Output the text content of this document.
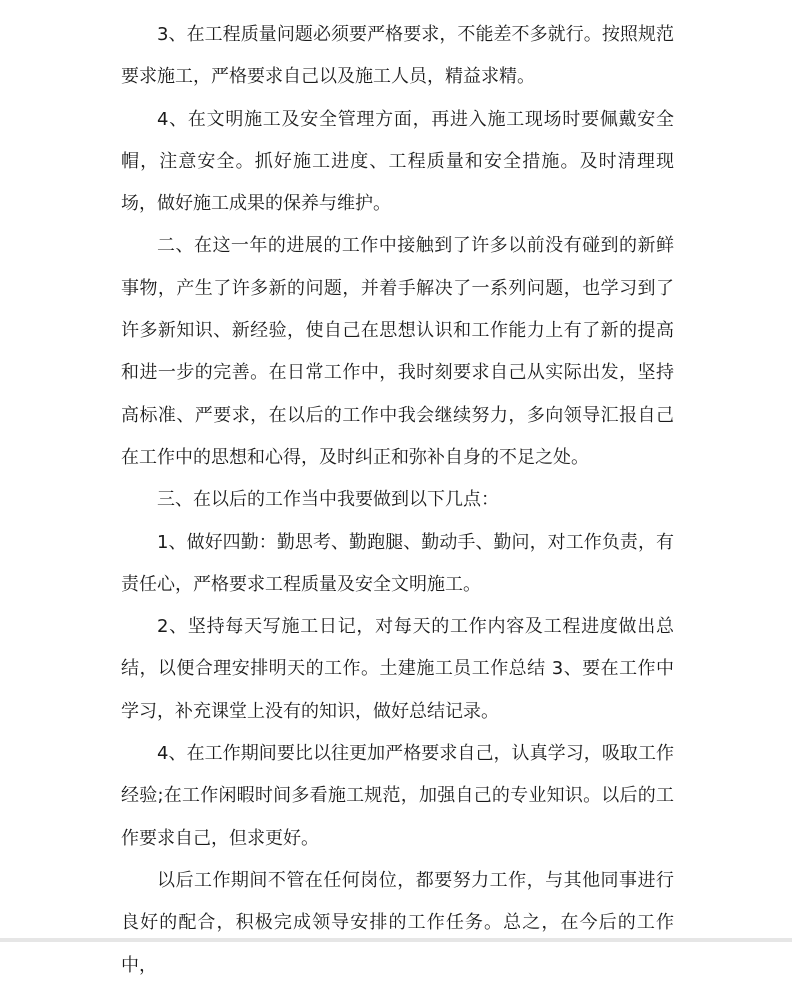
3、在工程质量问题必须要严格要求，不能差不多就行。按照规范要求施工，严格要求自己以及施工人员，精益求精。

4、在文明施工及安全管理方面，再进入施工现场时要佩戴安全帽，注意安全。抓好施工进度、工程质量和安全措施。及时清理现场，做好施工成果的保养与维护。

二、在这一年的进展的工作中接触到了许多以前没有碰到的新鲜事物，产生了许多新的问题，并着手解决了一系列问题，也学习到了许多新知识、新经验，使自己在思想认识和工作能力上有了新的提高和进一步的完善。在日常工作中，我时刻要求自己从实际出发，坚持高标准、严要求，在以后的工作中我会继续努力，多向领导汇报自己在工作中的思想和心得，及时纠正和弥补自身的不足之处。

三、在以后的工作当中我要做到以下几点：

1、做好四勤：勤思考、勤跑腿、勤动手、勤问，对工作负责，有责任心，严格要求工程质量及安全文明施工。

2、坚持每天写施工日记，对每天的工作内容及工程进度做出总结，以便合理安排明天的工作。土建施工员工作总结 3、要在工作中学习，补充课堂上没有的知识，做好总结记录。

4、在工作期间要比以往更加严格要求自己，认真学习，吸取工作经验;在工作闲暇时间多看施工规范，加强自己的专业知识。以后的工作要求自己，但求更好。

以后工作期间不管在任何岗位，都要努力工作，与其他同事进行良好的配合，积极完成领导安排的工作任务。总之，在今后的工作中，
